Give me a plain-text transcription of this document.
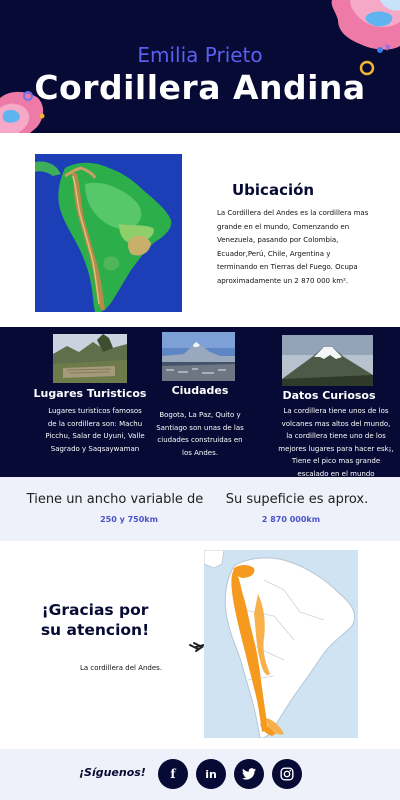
Emilia Prieto
Cordillera Andina
Ubicación

La Cordillera del Andes es la cordillera mas grande en el mundo, Comenzando en Venezuela, pasando por Colombia, Ecuador,Perú, Chile, Argentina y terminando en Tierras del Fuego. Ocupa aproximadamente un 2 870 000 km².

Lugares Turisticos

Lugares turisticos famosos de la cordillera son: Machu Picchu, Salar de Uyuni, Valle Sagrado y Saqsaywaman

Ciudades

Bogota, La Paz, Quito y Santiago son unas de las ciudades construidas en los Andes.

Datos Curiosos

La cordillera tiene unos de los volcanes mas altos del mundo, la cordillera tiene uno de los mejores lugares para hacer esk¡, Tiene el pico mas grande escalado en el mundo

Tiene un ancho variable de
250 y 750km
Su supeficie es aprox.
2 870 000km
¡Gracias por su atencion!
La cordillera del Andes.
¡Síguenos! f	in
